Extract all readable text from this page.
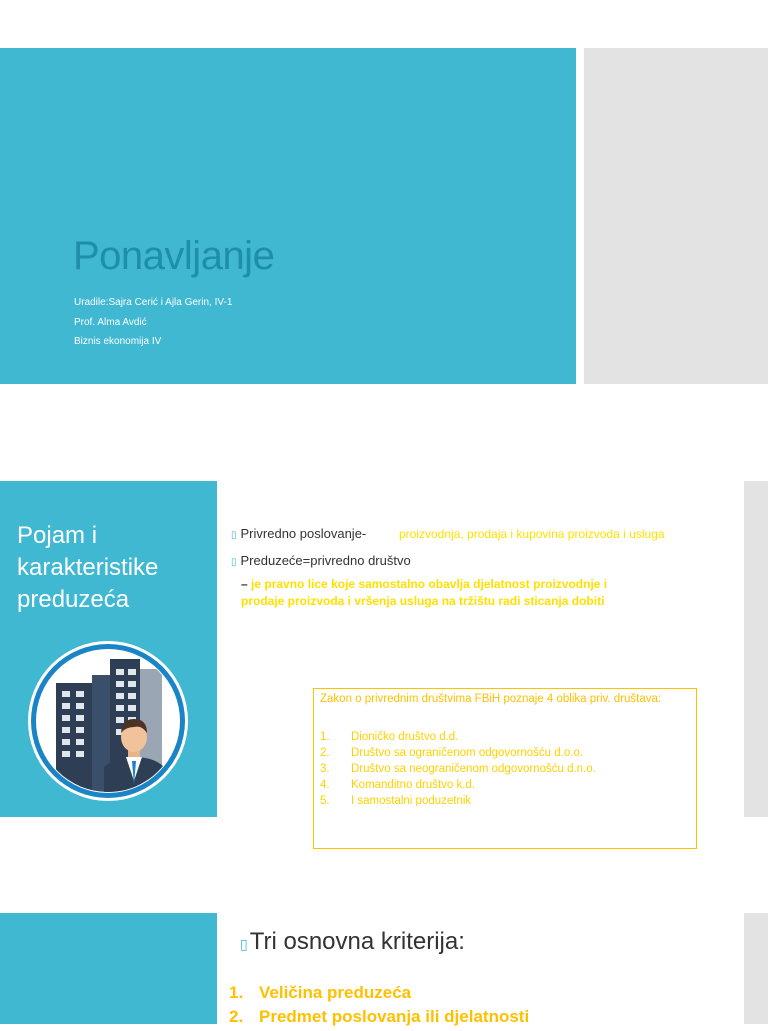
Ponavljanje
Uradile:Sajra Cerić i Ajla Gerin, IV-1
Prof. Alma Avdić
Biznis ekonomija IV
Pojam i karakteristike preduzeća
▯ Privredno poslovanje-	proizvodnja, prodaja i kupovina proizvoda i usluga
▯ Preduzeće=privredno društvo
– je pravno lice koje samostalno obavlja djelatnost proizvodnje i prodaje proizvoda i vršenja usluga na tržištu radi sticanja dobiti
Zakon o privrednim društvima FBiH poznaje 4 oblika priv. društava:
1.	Dioničko društvo d.d.
2.	Društvo sa ograničenom odgovornošću d.o.o.
3.	Društvo sa neograničenom odgovornošću d.n.o.
4.	Komanditno društvo k.d.
5.	I samostalni poduzetnik
▯Tri osnovna kriterija:
1. Veličina preduzeća
2. Predmet poslovanja ili djelatnosti
